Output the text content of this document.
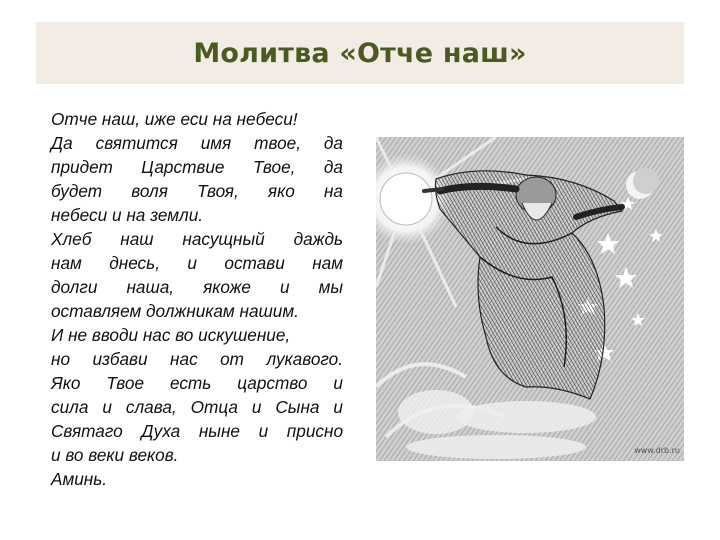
Молитва «Отче наш»
Отче наш, иже еси на небеси!
Да святится имя твое, да
придет Царствие Твое, да
будет воля Твоя, яко на
небеси и на земли.
Хлеб наш насущный даждь
нам днесь, и остави нам
долги наша, якоже и мы
оставляем должникам нашим.
И не вводи нас во искушение,
но избави нас от лукавого.
Яко Твое есть царство и
сила и слава, Отца и Сына и
Святаго Духа ныне и присно
и во веки веков.
Аминь.
www.drb.ru
